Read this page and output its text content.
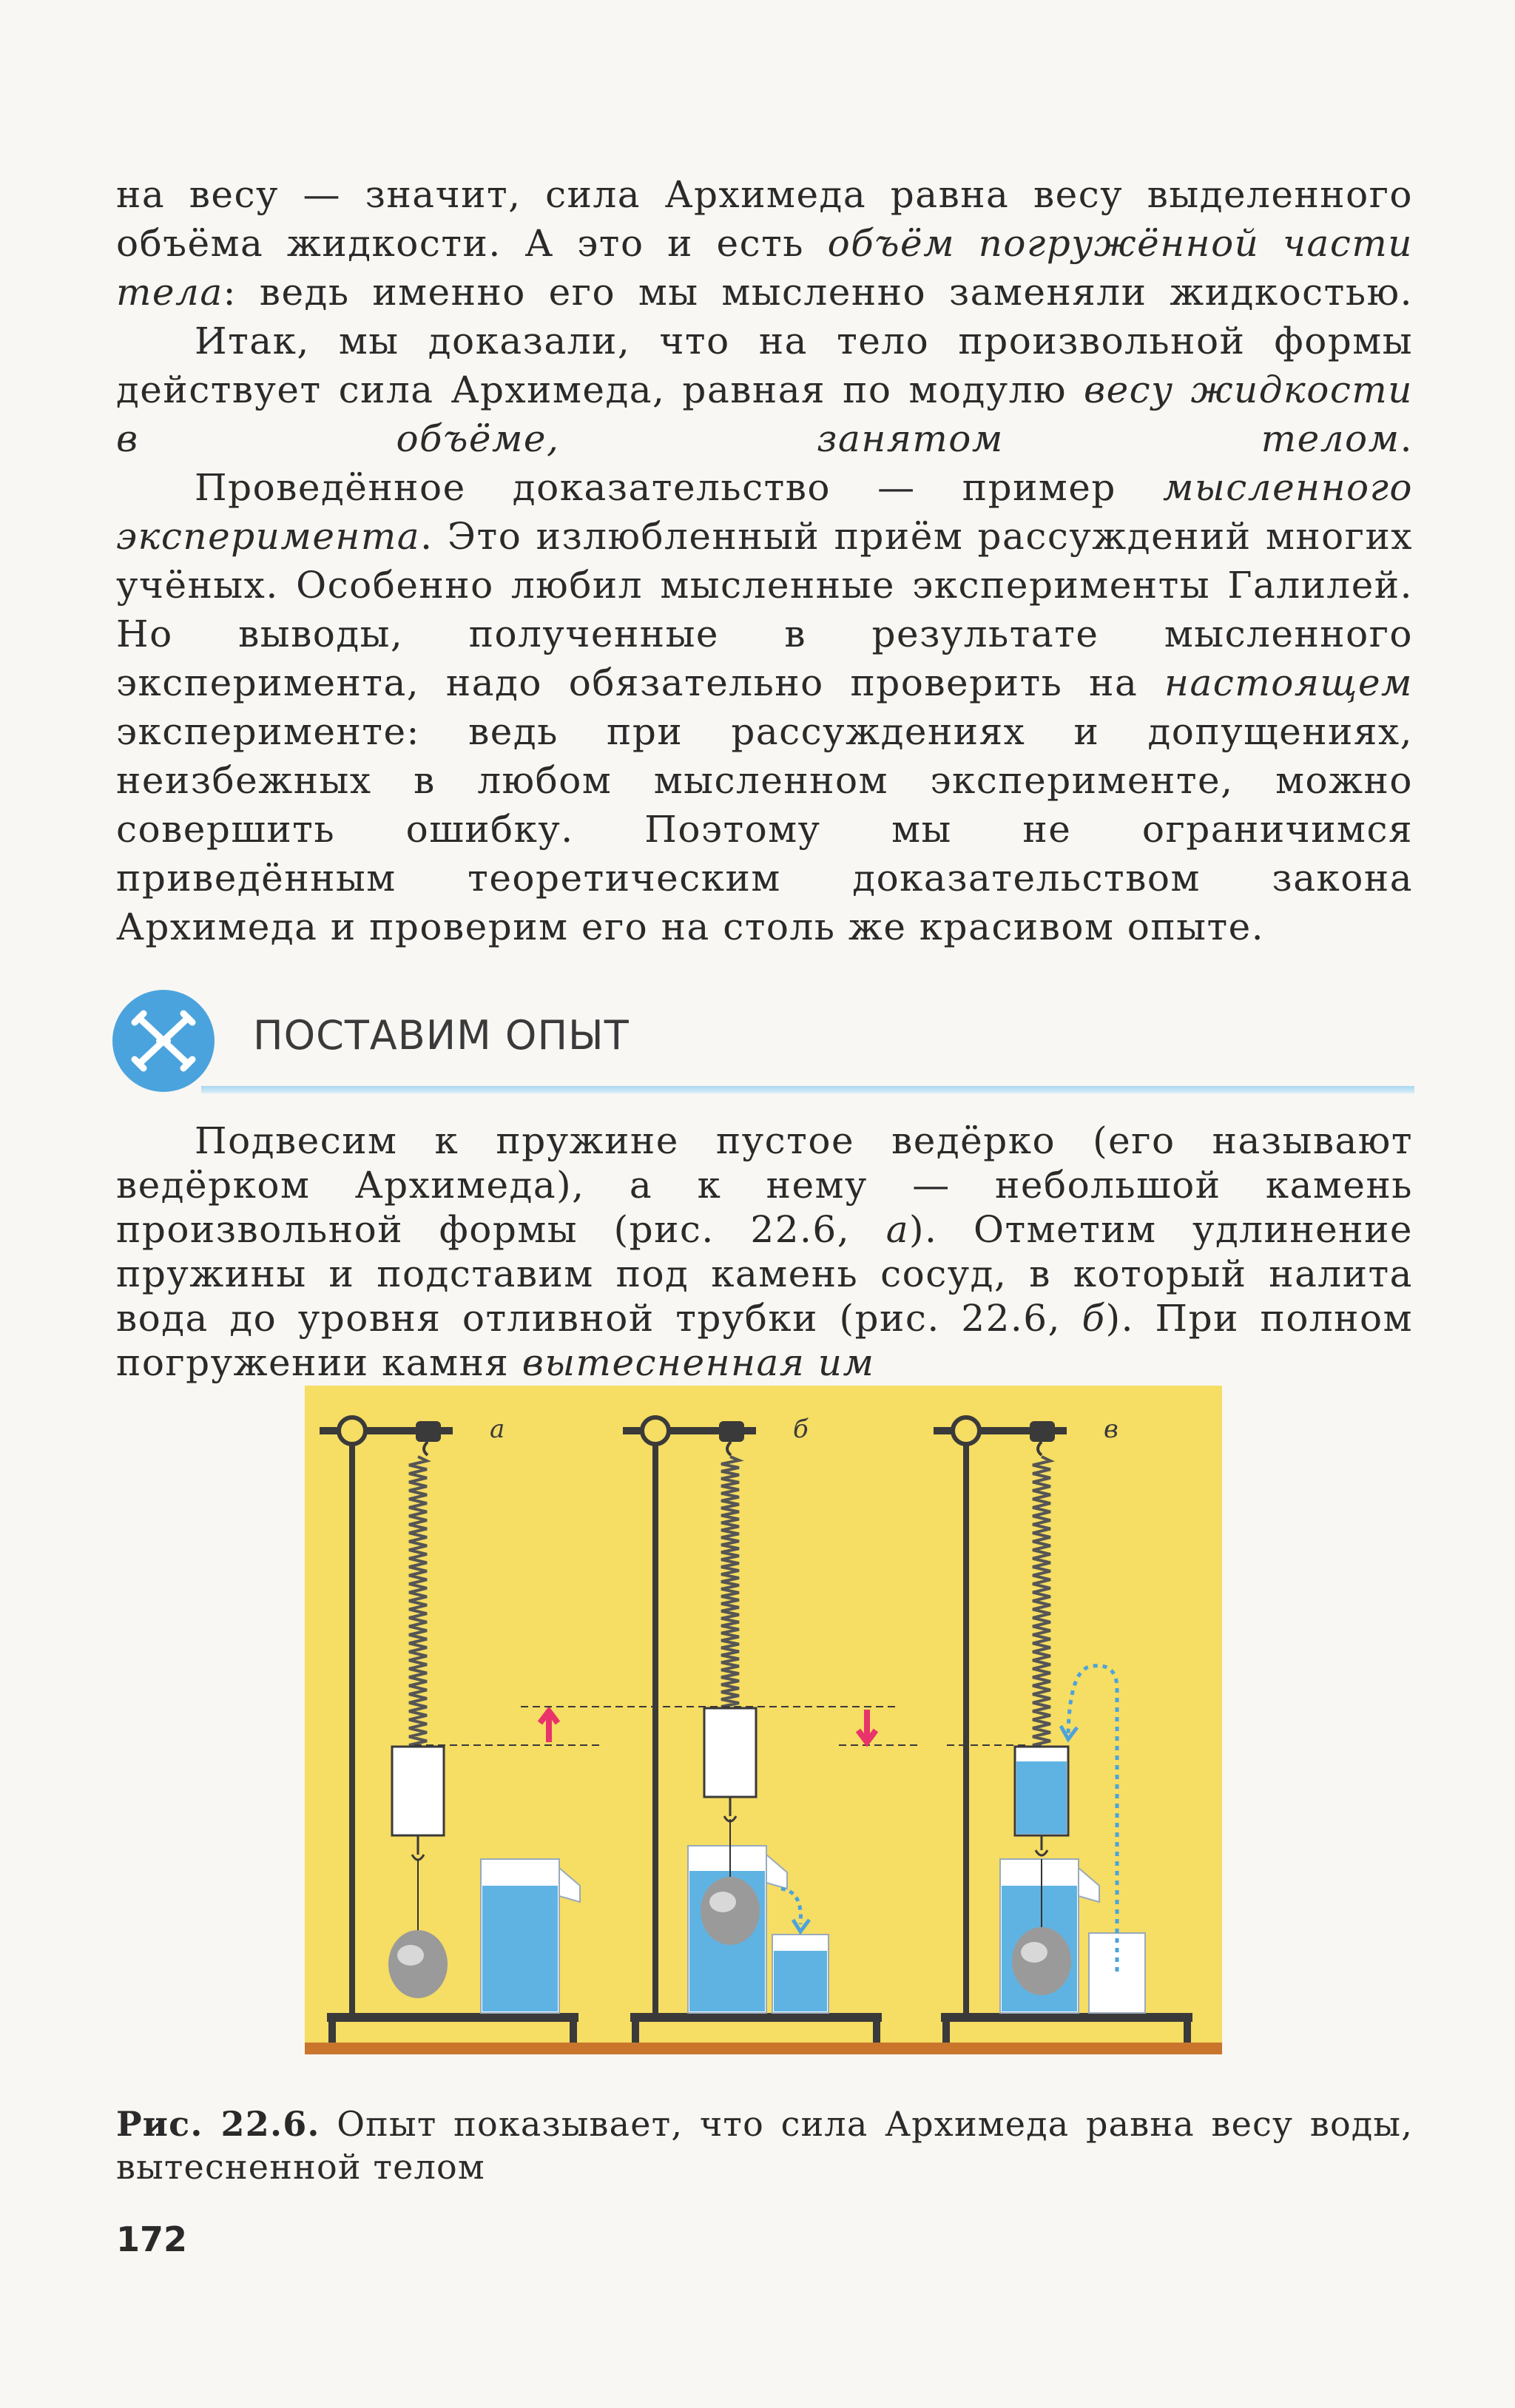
на весу — значит, сила Архимеда равна весу выделенного объёма жидкости. А это и есть объём погружённой части тела: ведь именно его мы мысленно заменяли жидкостью.

Итак, мы доказали, что на тело произвольной формы действует сила Архимеда, равная по модулю весу жидкости в объёме, занятом телом.

Проведённое доказательство — пример мысленного эксперимента. Это излюбленный приём рассуждений многих учёных. Особенно любил мысленные эксперименты Галилей. Но выводы, полученные в результате мысленного эксперимента, надо обязательно проверить на настоящем эксперименте: ведь при рассуждениях и допущениях, неизбежных в любом мысленном эксперименте, можно совершить ошибку. Поэтому мы не ограничимся приведённым теоретическим доказательством закона Архимеда и проверим его на столь же красивом опыте.

ПОСТАВИМ ОПЫТ

Подвесим к пружине пустое ведёрко (его называют ведёрком Архимеда), а к нему — небольшой камень произвольной формы (рис. 22.6, а). Отметим удлинение пружины и подставим под камень сосуд, в который налита вода до уровня отливной трубки (рис. 22.6, б). При полном погружении камня вытесненная им

а	б	в
Рис. 22.6. Опыт показывает, что сила Архимеда равна весу воды, вытесненной телом
172
